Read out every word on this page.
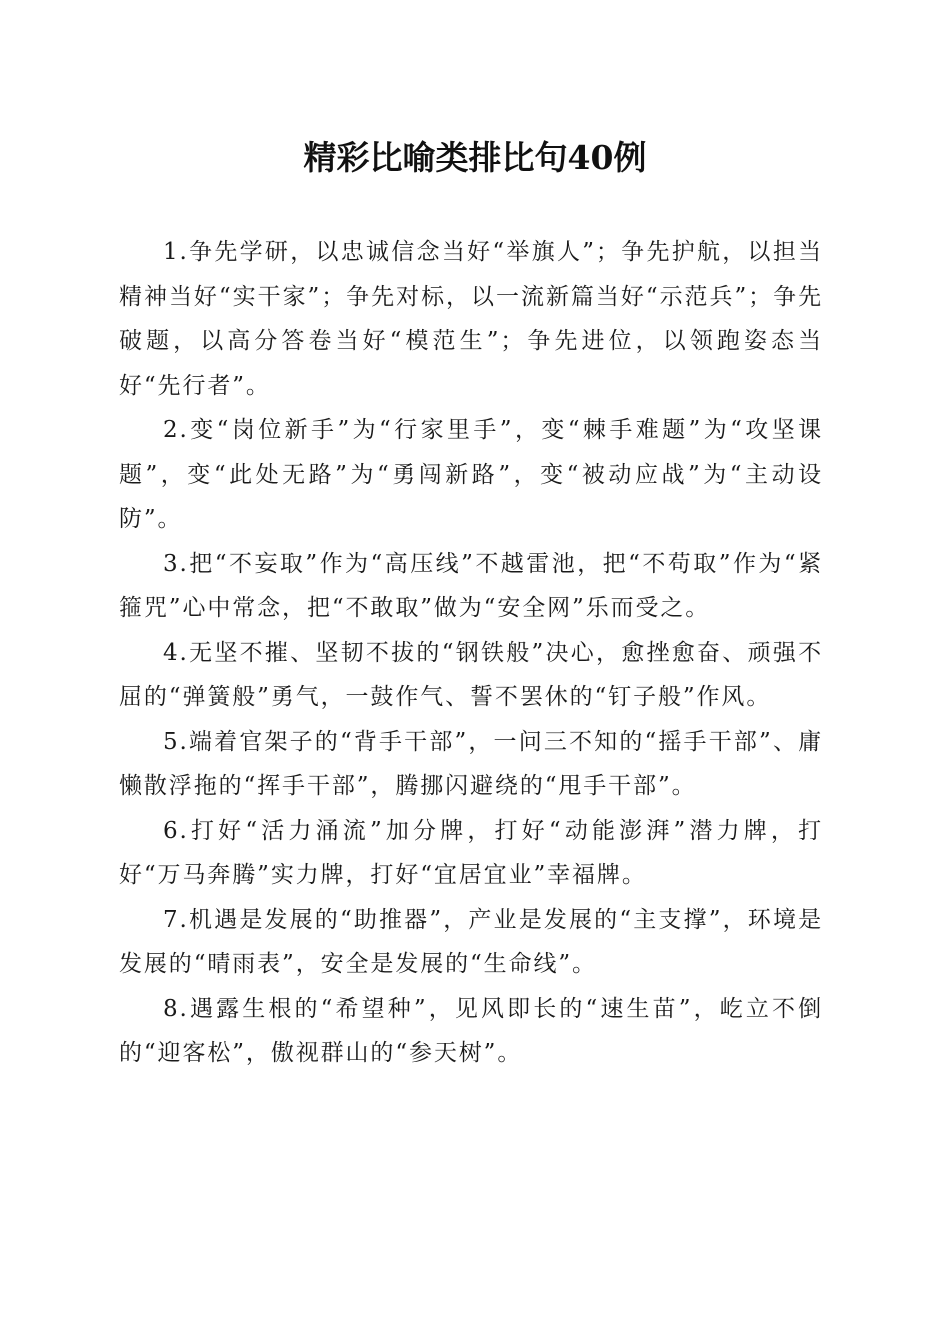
精彩比喻类排比句40例

1.争先学研，以忠诚信念当好“举旗人”；争先护航，以担当精神当好“实干家”；争先对标，以一流新篇当好“示范兵”；争先破题，以高分答卷当好“模范生”；争先进位，以领跑姿态当好“先行者”。

2.变“岗位新手”为“行家里手”，变“棘手难题”为“攻坚课题”，变“此处无路”为“勇闯新路”，变“被动应战”为“主动设防”。

3.把“不妄取”作为“高压线”不越雷池，把“不苟取”作为“紧箍咒”心中常念，把“不敢取”做为“安全网”乐而受之。

4.无坚不摧、坚韧不拔的“钢铁般”决心，愈挫愈奋、顽强不屈的“弹簧般”勇气，一鼓作气、誓不罢休的“钉子般”作风。

5.端着官架子的“背手干部”，一问三不知的“摇手干部”、庸懒散浮拖的“挥手干部”，腾挪闪避绕的“甩手干部”。

6.打好“活力涌流”加分牌，打好“动能澎湃”潜力牌，打好“万马奔腾”实力牌，打好“宜居宜业”幸福牌。

7.机遇是发展的“助推器”，产业是发展的“主支撑”，环境是发展的“晴雨表”，安全是发展的“生命线”。

8.遇露生根的“希望种”，见风即长的“速生苗”，屹立不倒的“迎客松”，傲视群山的“参天树”。
